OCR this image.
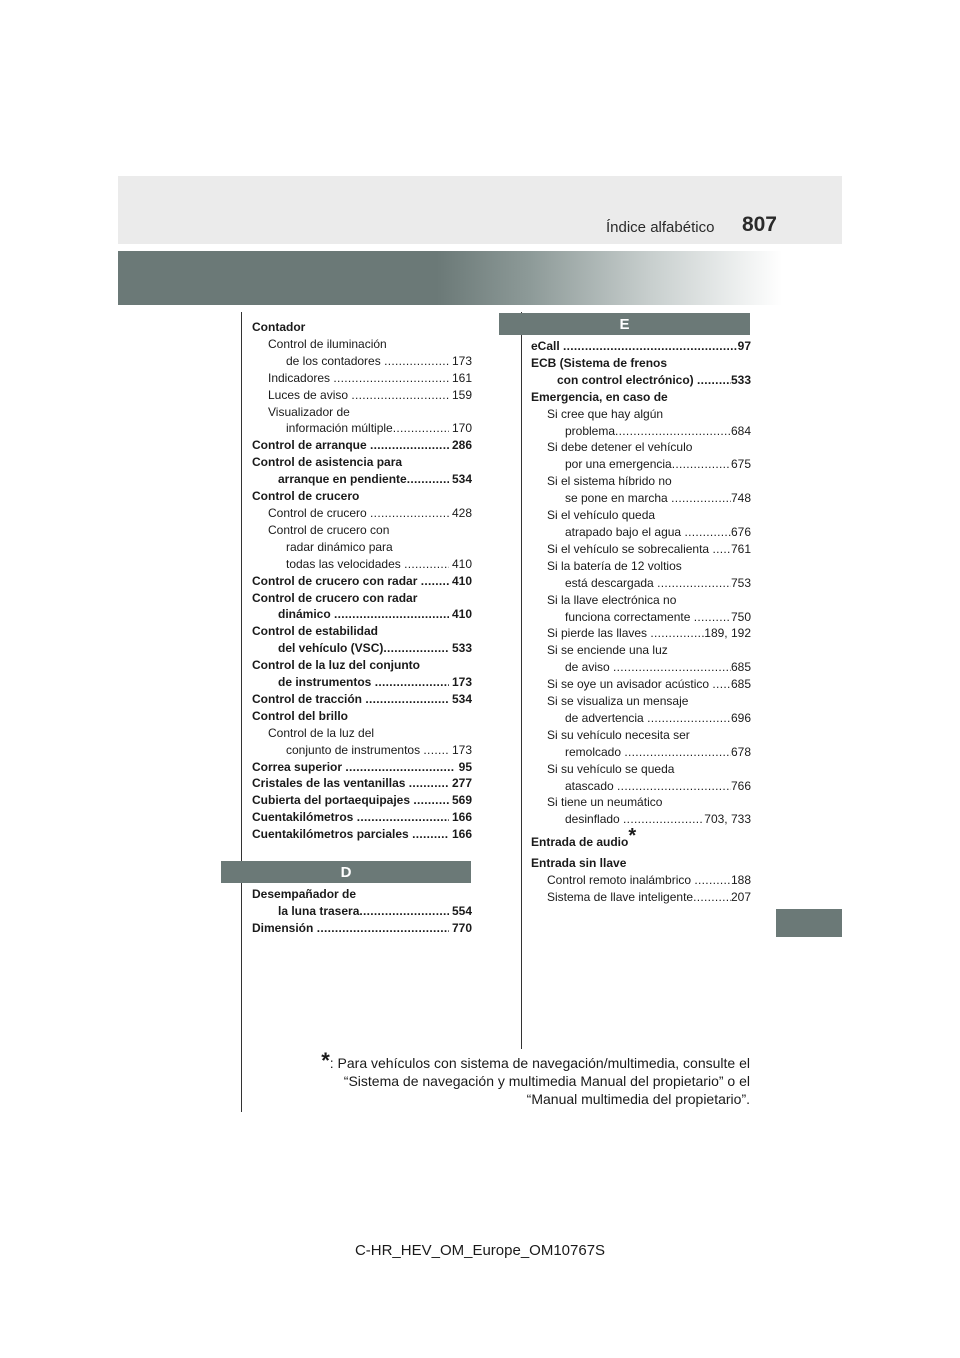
Índice alfabético 807
Contador
Control de iluminación
de los contadores .....	173
Indicadores .....	161
Luces de aviso .....	159
Visualizador de
información múltiple .....	170
Control de arranque .....	286
Control de asistencia para
arranque en pendiente .....	534
Control de crucero
Control de crucero .....	428
Control de crucero con
radar dinámico para
todas las velocidades .....	410
Control de crucero con radar ..... 410
Control de crucero con radar
dinámico .....	410
Control de estabilidad
del vehículo (VSC) .....	533
Control de la luz del conjunto
de instrumentos .....	173
Control de tracción .....	534
Control del brillo
Control de la luz del
conjunto de instrumentos ..... 173
Correa superior .....	95
Cristales de las ventanillas .....	277
Cubierta del portaequipajes .....	569
Cuentakilómetros .....	166
Cuentakilómetros parciales .....	166
D
Desempañador de
la luna trasera .....	554
Dimensión .....	770
E
eCall .....	97
ECB (Sistema de frenos
con control electrónico) .....	533
Emergencia, en caso de
Si cree que hay algún
problema .....	684
Si debe detener el vehículo
por una emergencia .....	675
Si el sistema híbrido no
se pone en marcha .....	748
Si el vehículo queda
atrapado bajo el agua .....	676
Si el vehículo se sobrecalienta ..... 761
Si la batería de 12 voltios
está descargada .....	753
Si la llave electrónica no
funciona correctamente .....	750
Si pierde las llaves .....	189, 192
Si se enciende una luz
de aviso .....	685
Si se oye un avisador acústico ..... 685
Si se visualiza un mensaje
de advertencia .....	696
Si su vehículo necesita ser
remolcado .....	678
Si su vehículo se queda
atascado .....	766
Si tiene un neumático
desinflado .....	703, 733
Entrada de audio*
Entrada sin llave
Control remoto inalámbrico .....	188
Sistema de llave inteligente .....	207
*: Para vehículos con sistema de navegación/multimedia, consulte el
“Sistema de navegación y multimedia Manual del propietario” o el
“Manual multimedia del propietario”.
C-HR_HEV_OM_Europe_OM10767S
